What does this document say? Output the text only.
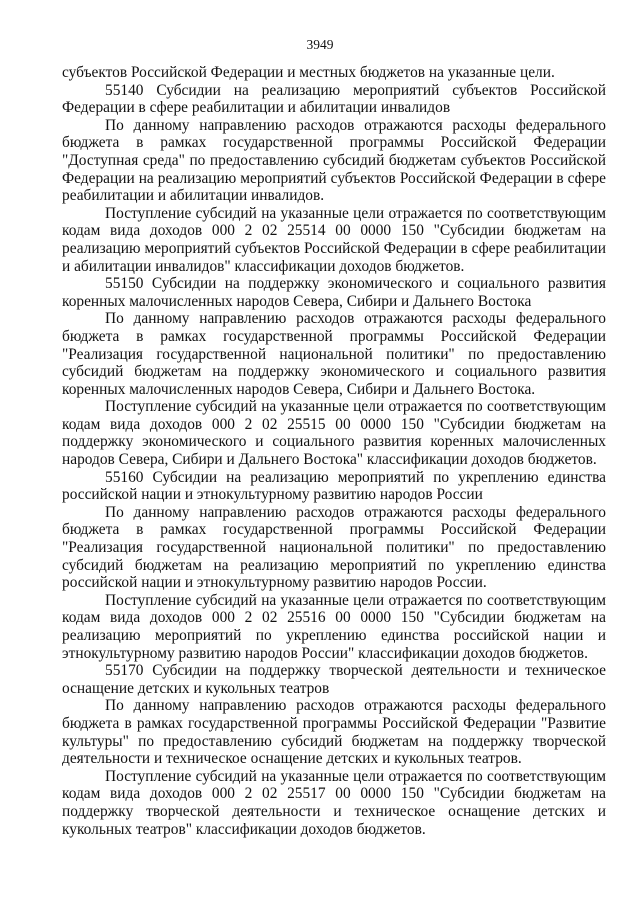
3949

субъектов Российской Федерации и местных бюджетов на указанные цели.

55140 Субсидии на реализацию мероприятий субъектов Российской Федерации в сфере реабилитации и абилитации инвалидов

По данному направлению расходов отражаются расходы федерального бюджета в рамках государственной программы Российской Федерации "Доступная среда" по предоставлению субсидий бюджетам субъектов Российской Федерации на реализацию мероприятий субъектов Российской Федерации в сфере реабилитации и абилитации инвалидов.

Поступление субсидий на указанные цели отражается по соответствующим кодам вида доходов 000 2 02 25514 00 0000 150 "Субсидии бюджетам на реализацию мероприятий субъектов Российской Федерации в сфере реабилитации и абилитации инвалидов" классификации доходов бюджетов.

55150 Субсидии на поддержку экономического и социального развития коренных малочисленных народов Севера, Сибири и Дальнего Востока

По данному направлению расходов отражаются расходы федерального бюджета в рамках государственной программы Российской Федерации "Реализация государственной национальной политики" по предоставлению субсидий бюджетам на поддержку экономического и социального развития коренных малочисленных народов Севера, Сибири и Дальнего Востока.

Поступление субсидий на указанные цели отражается по соответствующим кодам вида доходов 000 2 02 25515 00 0000 150 "Субсидии бюджетам на поддержку экономического и социального развития коренных малочисленных народов Севера, Сибири и Дальнего Востока" классификации доходов бюджетов.

55160 Субсидии на реализацию мероприятий по укреплению единства российской нации и этнокультурному развитию народов России

По данному направлению расходов отражаются расходы федерального бюджета в рамках государственной программы Российской Федерации "Реализация государственной национальной политики" по предоставлению субсидий бюджетам на реализацию мероприятий по укреплению единства российской нации и этнокультурному развитию народов России.

Поступление субсидий на указанные цели отражается по соответствующим кодам вида доходов 000 2 02 25516 00 0000 150 "Субсидии бюджетам на реализацию мероприятий по укреплению единства российской нации и этнокультурному развитию народов России" классификации доходов бюджетов.

55170 Субсидии на поддержку творческой деятельности и техническое оснащение детских и кукольных театров

По данному направлению расходов отражаются расходы федерального бюджета в рамках государственной программы Российской Федерации "Развитие культуры" по предоставлению субсидий бюджетам на поддержку творческой деятельности и техническое оснащение детских и кукольных театров.

Поступление субсидий на указанные цели отражается по соответствующим кодам вида доходов 000 2 02 25517 00 0000 150 "Субсидии бюджетам на поддержку творческой деятельности и техническое оснащение детских и кукольных театров" классификации доходов бюджетов.
